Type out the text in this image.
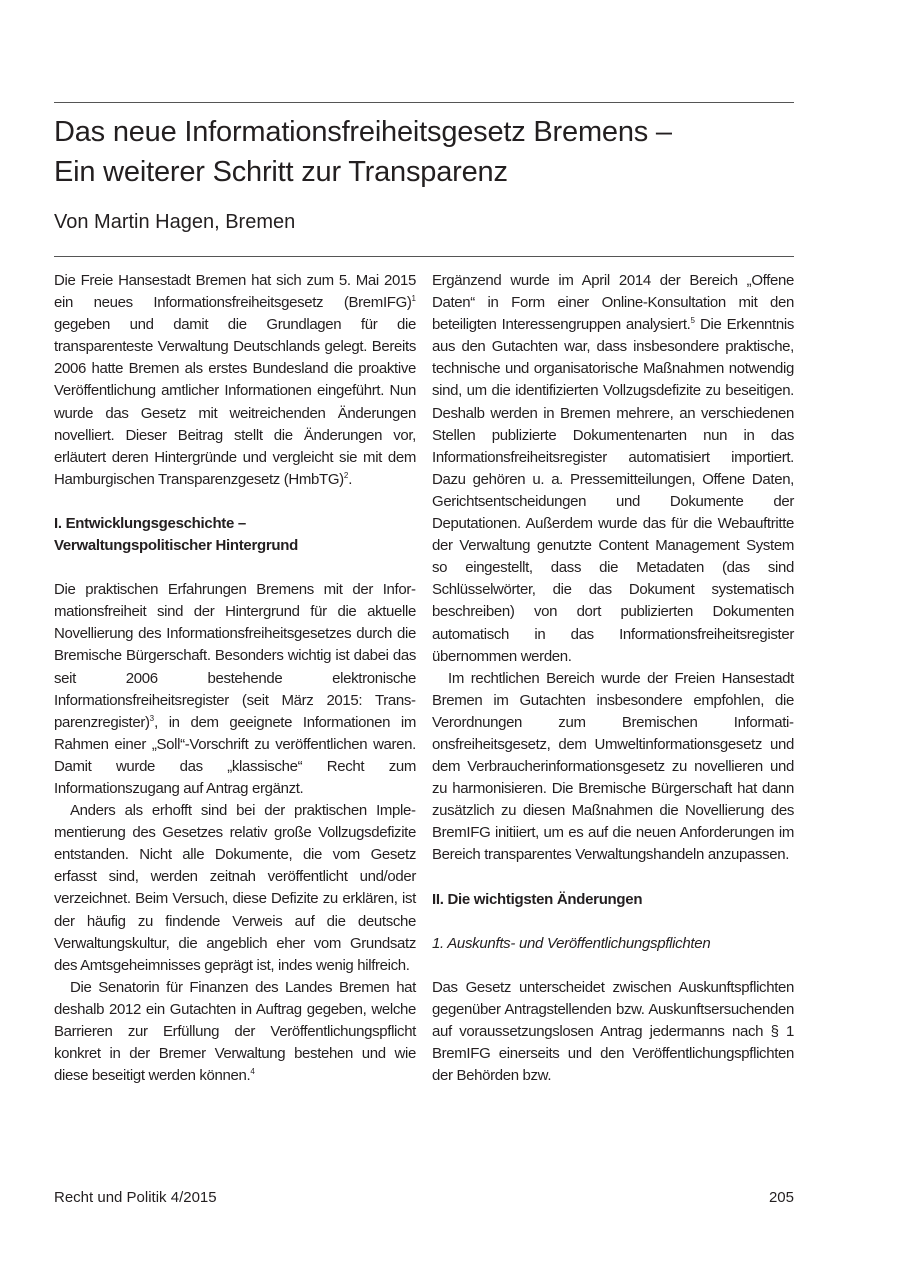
Das neue Informationsfreiheitsgesetz Bremens –
Ein weiterer Schritt zur Transparenz
Von Martin Hagen, Bremen

Die Freie Hansestadt Bremen hat sich zum 5. Mai 2015 ein neues Informationsfreiheitsgesetz (BremIFG)$^1$ gegeben und damit die Grundlagen für die transparenteste Verwaltung Deutschlands gelegt. Bereits 2006 hatte Bremen als erstes Bundesland die proaktive Veröffentlichung amtlicher Informationen eingeführt. Nun wurde das Gesetz mit weitreichenden Änderungen novelliert. Dieser Beitrag stellt die Änderungen vor, erläutert deren Hintergründe und vergleicht sie mit dem Hamburgischen Transparenzgesetz (HmbTG)$^2$.

I. Entwicklungsgeschichte –
Verwaltungspolitischer Hintergrund

Die praktischen Erfahrungen Bremens mit der Informationsfreiheit sind der Hintergrund für die aktuelle Novellierung des Informationsfreiheitsgesetzes durch die Bremische Bürgerschaft. Besonders wichtig ist dabei das seit 2006 bestehende elektronische Informationsfreiheitsregister (seit März 2015: Transparenzregister)$^3$, in dem geeignete Informationen im Rahmen einer „Soll“-Vorschrift zu veröffentlichen waren. Damit wurde das „klassische“ Recht zum Informationszugang auf Antrag ergänzt.

Anders als erhofft sind bei der praktischen Implementierung des Gesetzes relativ große Vollzugsdefizite entstanden. Nicht alle Dokumente, die vom Gesetz erfasst sind, werden zeitnah veröffentlicht und/oder verzeichnet. Beim Versuch, diese Defizite zu erklären, ist der häufig zu findende Verweis auf die deutsche Verwaltungskultur, die angeblich eher vom Grundsatz des Amtsgeheimnisses geprägt ist, indes wenig hilfreich.

Die Senatorin für Finanzen des Landes Bremen hat deshalb 2012 ein Gutachten in Auftrag gegeben, welche Barrieren zur Erfüllung der Veröffentlichungspflicht konkret in der Bremer Verwaltung bestehen und wie diese beseitigt werden können.$^4$

Ergänzend wurde im April 2014 der Bereich „Offene Daten“ in Form einer Online-Konsultation mit den beteiligten Interessengruppen analysiert.$^5$ Die Erkenntnis aus den Gutachten war, dass insbesondere praktische, technische und organisatorische Maßnahmen notwendig sind, um die identifizierten Vollzugsdefizite zu beseitigen. Deshalb werden in Bremen mehrere, an verschiedenen Stellen publizierte Dokumentenarten nun in das Informationsfreiheitsregister automatisiert importiert. Dazu gehören u. a. Pressemitteilungen, Offene Daten, Gerichtsentscheidungen und Dokumente der Deputationen. Außerdem wurde das für die Webauftritte der Verwaltung genutzte Content Management System so eingestellt, dass die Metadaten (das sind Schlüsselwörter, die das Dokument systematisch beschreiben) von dort publizierten Dokumenten automatisch in das Informationsfreiheitsregister übernommen werden.

Im rechtlichen Bereich wurde der Freien Hansestadt Bremen im Gutachten insbesondere empfohlen, die Verordnungen zum Bremischen Informationsfreiheitsgesetz, dem Umweltinformationsgesetz und dem Verbraucherinformationsgesetz zu novellieren und zu harmonisieren. Die Bremische Bürgerschaft hat dann zusätzlich zu diesen Maßnahmen die Novellierung des BremIFG initiiert, um es auf die neuen Anforderungen im Bereich transparentes Verwaltungshandeln anzupassen.

II. Die wichtigsten Änderungen
1. Auskunfts- und Veröffentlichungspflichten

Das Gesetz unterscheidet zwischen Auskunftspflichten gegenüber Antragstellenden bzw. Auskunftsersuchenden auf voraussetzungslosen Antrag jedermanns nach § 1 BremIFG einerseits und den Veröffentlichungspflichten der Behörden bzw.

Recht und Politik 4/2015	205
